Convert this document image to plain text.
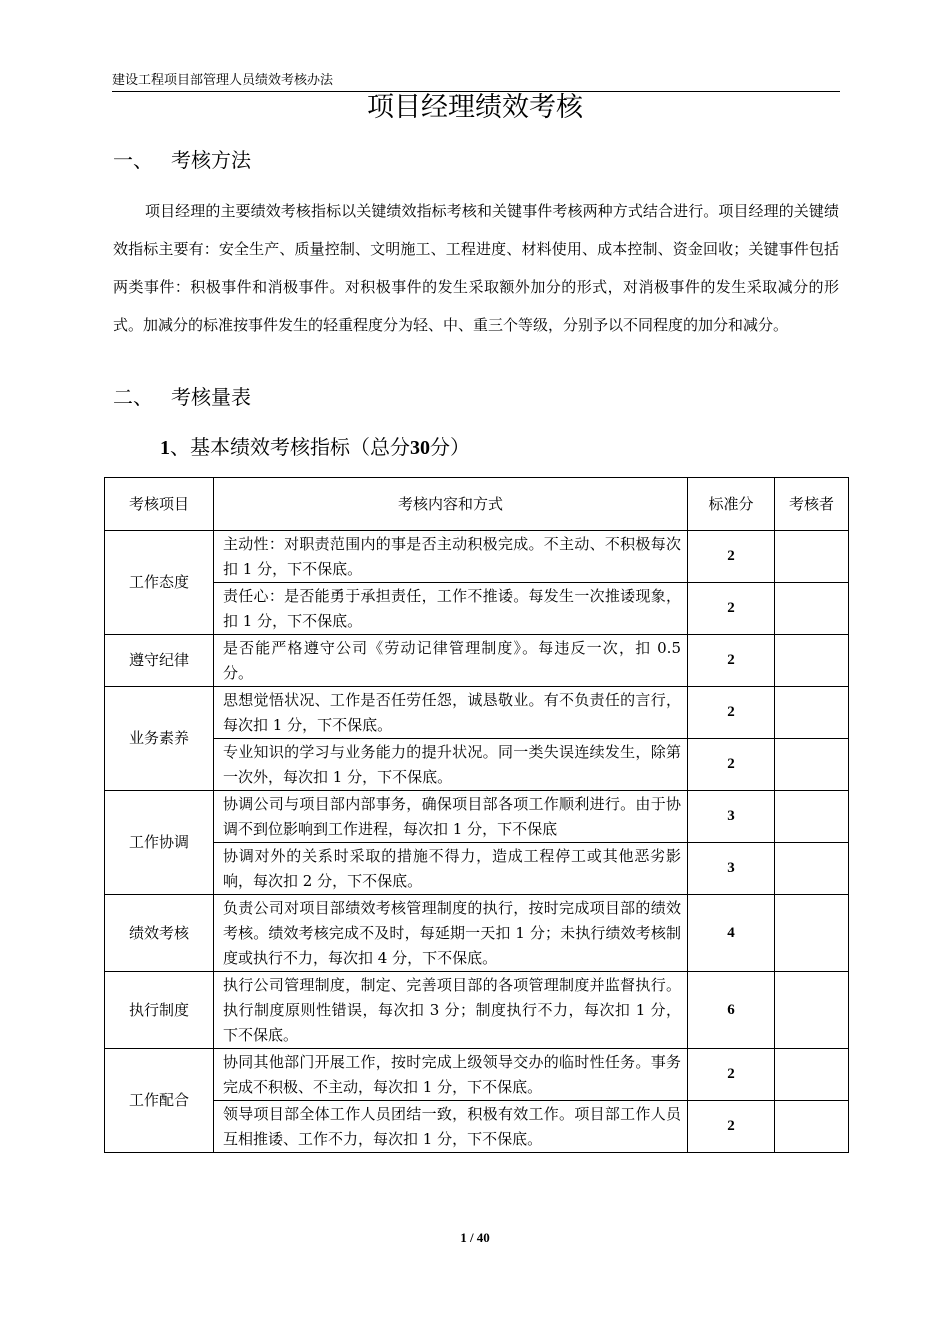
建设工程项目部管理人员绩效考核办法
项目经理绩效考核
一、 考核方法

项目经理的主要绩效考核指标以关键绩效指标考核和关键事件考核两种方式结合进行。项目经理的关键绩效指标主要有：安全生产、质量控制、文明施工、工程进度、材料使用、成本控制、资金回收；关键事件包括两类事件：积极事件和消极事件。对积极事件的发生采取额外加分的形式，对消极事件的发生采取减分的形式。加减分的标准按事件发生的轻重程度分为轻、中、重三个等级，分别予以不同程度的加分和减分。

二、 考核量表
1、基本绩效考核指标（总分30分）
考核项目	考核内容和方式	标准分	考核者
工作态度	主动性：对职责范围内的事是否主动积极完成。不主动、不积极每次扣 1 分，下不保底。	2	
	责任心：是否能勇于承担责任，工作不推诿。每发生一次推诿现象，扣 1 分，下不保底。	2	
遵守纪律	是否能严格遵守公司《劳动记律管理制度》。每违反一次，扣 0.5 分。	2	
业务素养	思想觉悟状况、工作是否任劳任怨，诚恳敬业。有不负责任的言行，每次扣 1 分，下不保底。	2	
	专业知识的学习与业务能力的提升状况。同一类失误连续发生，除第一次外，每次扣 1 分，下不保底。	2	
工作协调	协调公司与项目部内部事务，确保项目部各项工作顺利进行。由于协调不到位影响到工作进程，每次扣 1 分，下不保底	3	
	协调对外的关系时采取的措施不得力，造成工程停工或其他恶劣影响，每次扣 2 分，下不保底。	3	
绩效考核	负责公司对项目部绩效考核管理制度的执行，按时完成项目部的绩效考核。绩效考核完成不及时，每延期一天扣 1 分；未执行绩效考核制度或执行不力，每次扣 4 分，下不保底。	4	
执行制度	执行公司管理制度，制定、完善项目部的各项管理制度并监督执行。执行制度原则性错误，每次扣 3 分；制度执行不力，每次扣 1 分，下不保底。	6	
工作配合	协同其他部门开展工作，按时完成上级领导交办的临时性任务。事务完成不积极、不主动，每次扣 1 分，下不保底。	2	
	领导项目部全体工作人员团结一致，积极有效工作。项目部工作人员互相推诿、工作不力，每次扣 1 分，下不保底。	2	
1 / 40
